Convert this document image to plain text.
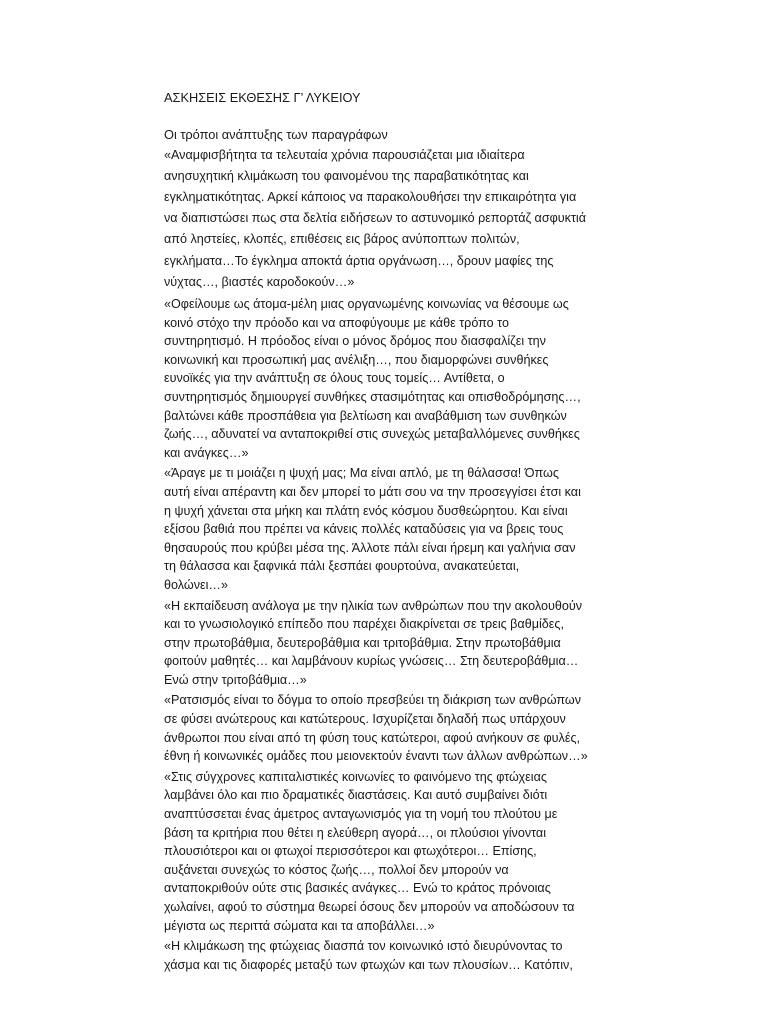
ΑΣΚΗΣΕΙΣ ΕΚΘΕΣΗΣ Γ’ ΛΥΚΕΙΟΥ
Οι τρόποι ανάπτυξης των παραγράφων
«Αναμφισβήτητα τα τελευταία χρόνια παρουσιάζεται μια ιδιαίτερα
ανησυχητική κλιμάκωση του φαινομένου της παραβατικότητας και
εγκληματικότητας. Αρκεί κάποιος να παρακολουθήσει την επικαιρότητα για
να διαπιστώσει πως στα δελτία ειδήσεων το αστυνομικό ρεπορτάζ ασφυκτιά
από ληστείες, κλοπές, επιθέσεις εις βάρος ανύποπτων πολιτών,
εγκλήματα…Το έγκλημα αποκτά άρτια οργάνωση…, δρουν μαφίες της
νύχτας…, βιαστές καροδοκούν…»
«Οφείλουμε ως άτομα-μέλη μιας οργανωμένης κοινωνίας να θέσουμε ως
κοινό στόχο την πρόοδο και να αποφύγουμε με κάθε τρόπο το
συντηρητισμό. Η πρόοδος είναι ο μόνος δρόμος που διασφαλίζει την
κοινωνική και προσωπική μας ανέλιξη…, που διαμορφώνει συνθήκες
ευνοϊκές για την ανάπτυξη σε όλους τους τομείς… Αντίθετα, ο
συντηρητισμός δημιουργεί συνθήκες στασιμότητας και οπισθοδρόμησης…,
βαλτώνει κάθε προσπάθεια για βελτίωση και αναβάθμιση των συνθηκών
ζωής…, αδυνατεί να ανταποκριθεί στις συνεχώς μεταβαλλόμενες συνθήκες
και ανάγκες…»
«Άραγε με τι μοιάζει η ψυχή μας; Μα είναι απλό, με τη θάλασσα! Όπως
αυτή είναι απέραντη και δεν μπορεί το μάτι σου να την προσεγγίσει έτσι και
η ψυχή χάνεται στα μήκη και πλάτη ενός κόσμου δυσθεώρητου. Και είναι
εξίσου βαθιά που πρέπει να κάνεις πολλές καταδύσεις για να βρεις τους
θησαυρούς που κρύβει μέσα της. Άλλοτε πάλι είναι ήρεμη και γαλήνια σαν
τη θάλασσα και ξαφνικά πάλι ξεσπάει φουρτούνα, ανακατεύεται,
θολώνει…»
«Η εκπαίδευση ανάλογα με την ηλικία των ανθρώπων που την ακολουθούν
και το γνωσιολογικό επίπεδο που παρέχει διακρίνεται σε τρεις βαθμίδες,
στην πρωτοβάθμια, δευτεροβάθμια και τριτοβάθμια. Στην πρωτοβάθμια
φοιτούν μαθητές… και λαμβάνουν κυρίως γνώσεις… Στη δευτεροβάθμια…
Ενώ στην τριτοβάθμια…»
«Ρατσισμός είναι το δόγμα το οποίο πρεσβεύει τη διάκριση των ανθρώπων
σε φύσει ανώτερους και κατώτερους. Ισχυρίζεται δηλαδή πως υπάρχουν
άνθρωποι που είναι από τη φύση τους κατώτεροι, αφού ανήκουν σε φυλές,
έθνη ή κοινωνικές ομάδες που μειονεκτούν έναντι των άλλων ανθρώπων…»
«Στις σύγχρονες καπιταλιστικές κοινωνίες το φαινόμενο της φτώχειας
λαμβάνει όλο και πιο δραματικές διαστάσεις. Και αυτό συμβαίνει διότι
αναπτύσσεται ένας άμετρος ανταγωνισμός για τη νομή του πλούτου με
βάση τα κριτήρια που θέτει η ελεύθερη αγορά…, οι πλούσιοι γίνονται
πλουσιότεροι και οι φτωχοί περισσότεροι και φτωχότεροι… Επίσης,
αυξάνεται συνεχώς το κόστος ζωής…, πολλοί δεν μπορούν να
ανταποκριθούν ούτε στις βασικές ανάγκες… Ενώ το κράτος πρόνοιας
χωλαίνει, αφού το σύστημα θεωρεί όσους δεν μπορούν να αποδώσουν τα
μέγιστα ως περιττά σώματα και τα αποβάλλει…»
«Η κλιμάκωση της φτώχειας διασπά τον κοινωνικό ιστό διευρύνοντας το
χάσμα και τις διαφορές μεταξύ των φτωχών και των πλουσίων… Κατόπιν,
